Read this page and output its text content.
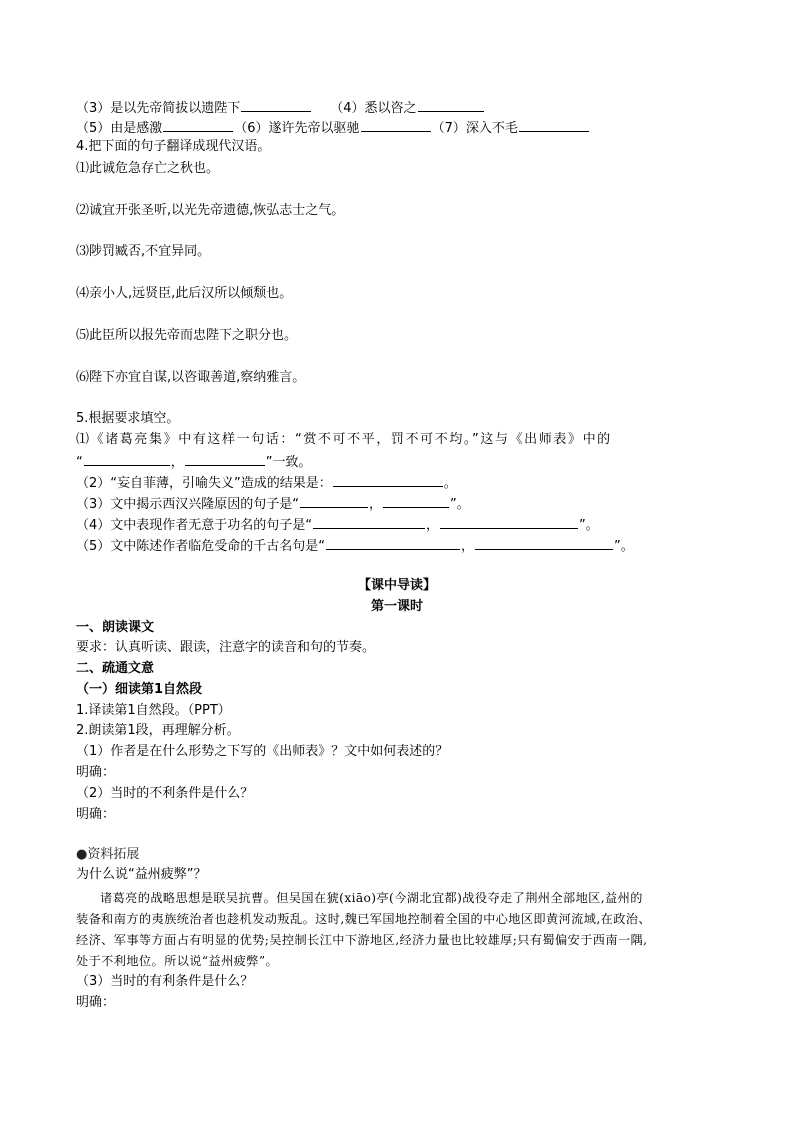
（3）是以先帝简拔以遗陛下	（4）悉以咨之
（5）由是感激	（6）遂许先帝以驱驰	（7）深入不毛
4.把下面的句子翻译成现代汉语。
⑴此诚危急存亡之秋也。
⑵诚宜开张圣听,以光先帝遗德,恢弘志士之气。
⑶陟罚臧否,不宜异同。
⑷亲小人,远贤臣,此后汉所以倾颓也。
⑸此臣所以报先帝而忠陛下之职分也。
⑹陛下亦宜自谋,以咨诹善道,察纳雅言。
5.根据要求填空。
⑴《诸葛亮集》中有这样一句话：“赏不可不平，罚不可不均。”这与《出师表》中的
“	，	”一致。
（2）“妄自菲薄，引喻失义”造成的结果是：	。
（3）文中揭示西汉兴隆原因的句子是“	，	”。
（4）文中表现作者无意于功名的句子是“	，	”。
（5）文中陈述作者临危受命的千古名句是“	，	”。
【课中导读】
第一课时
一、朗读课文
要求：认真听读、跟读，注意字的读音和句的节奏。
二、疏通文意
（一）细读第1自然段
1.译读第1自然段。（PPT）
2.朗读第1段，再理解分析。
（1）作者是在什么形势之下写的《出师表》？文中如何表述的？
明确：
（2）当时的不利条件是什么？
明确：
●资料拓展
为什么说“益州疲弊”？
诸葛亮的战略思想是联吴抗曹。但吴国在猇(xiāo)亭(今湖北宜都)战役夺走了荆州全部地区,益州的
装备和南方的夷族统治者也趁机发动叛乱。这时,魏已军国地控制着全国的中心地区即黄河流域,在政治、
经济、军事等方面占有明显的优势;吴控制长江中下游地区,经济力量也比较雄厚;只有蜀偏安于西南一隅,
处于不利地位。所以说“益州疲弊”。
（3）当时的有利条件是什么？
明确：
